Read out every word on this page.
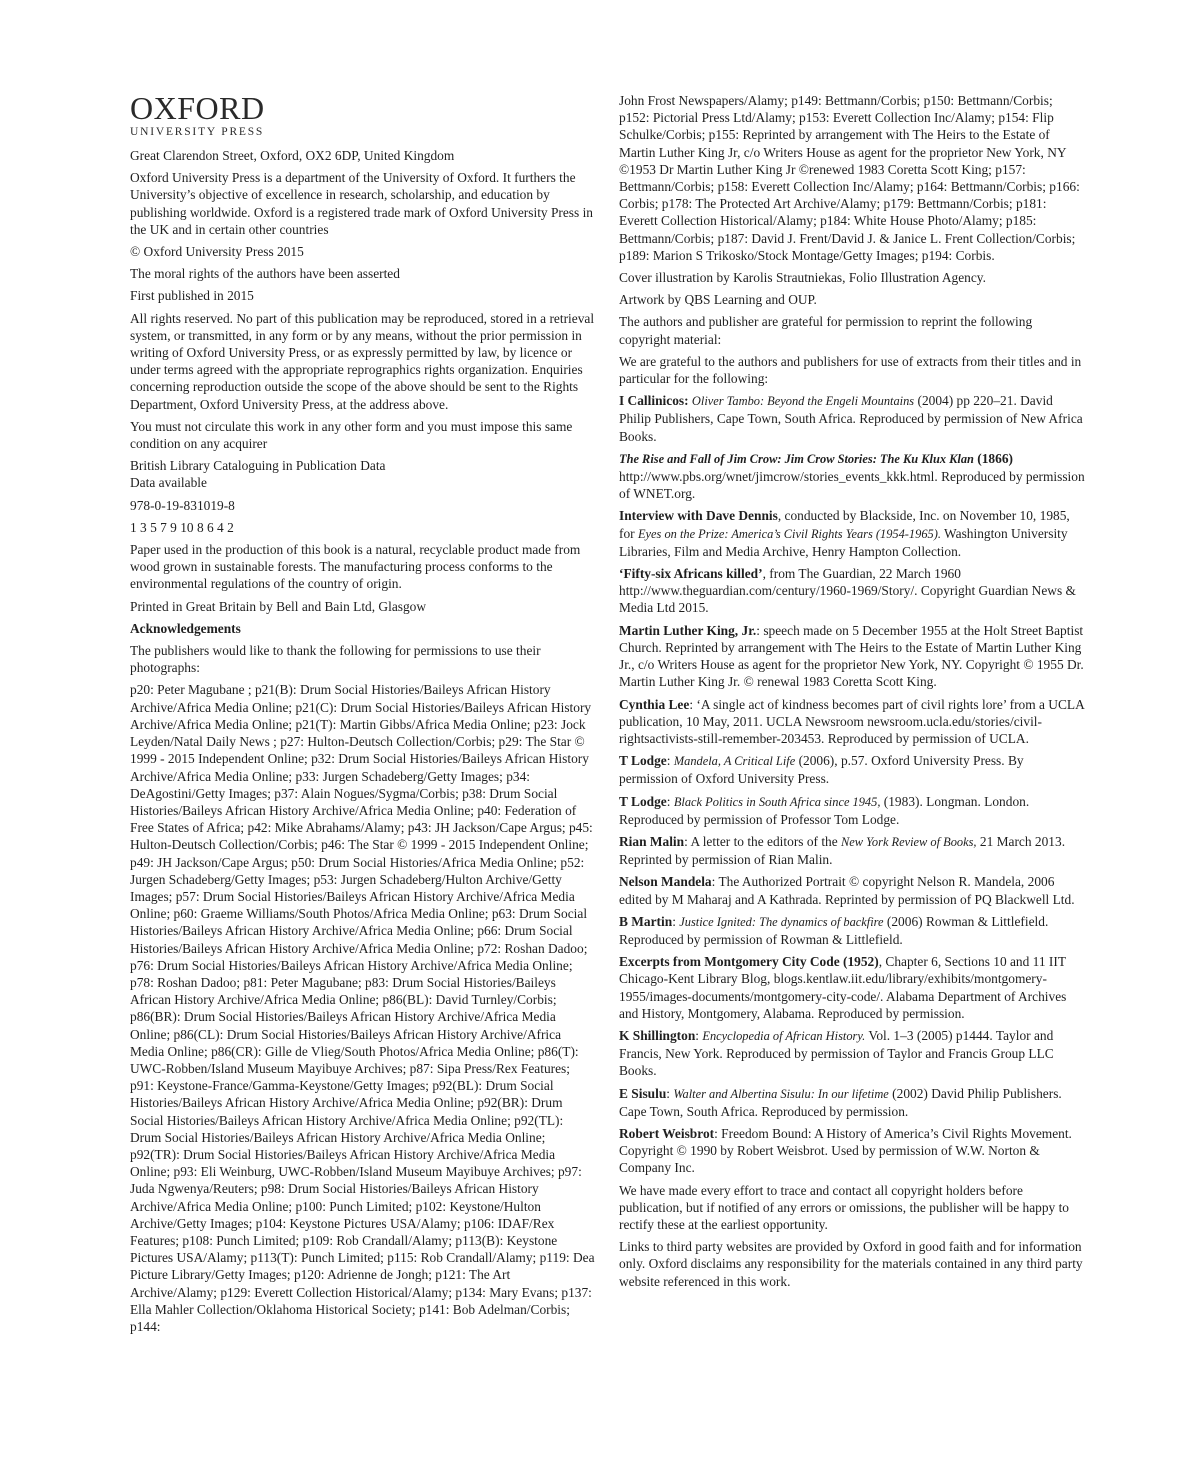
OXFORD
UNIVERSITY PRESS

Great Clarendon Street, Oxford, OX2 6DP, United Kingdom

Oxford University Press is a department of the University of Oxford. It furthers the University’s objective of excellence in research, scholarship, and education by publishing worldwide. Oxford is a registered trade mark of Oxford University Press in the UK and in certain other countries

© Oxford University Press 2015

The moral rights of the authors have been asserted

First published in 2015

All rights reserved. No part of this publication may be reproduced, stored in a retrieval system, or transmitted, in any form or by any means, without the prior permission in writing of Oxford University Press, or as expressly permitted by law, by licence or under terms agreed with the appropriate reprographics rights organization. Enquiries concerning reproduction outside the scope of the above should be sent to the Rights Department, Oxford University Press, at the address above.

You must not circulate this work in any other form and you must impose this same condition on any acquirer

British Library Cataloguing in Publication Data
Data available

978-0-19-831019-8

1 3 5 7 9 10 8 6 4 2

Paper used in the production of this book is a natural, recyclable product made from wood grown in sustainable forests. The manufacturing process conforms to the environmental regulations of the country of origin.

Printed in Great Britain by Bell and Bain Ltd, Glasgow

Acknowledgements

The publishers would like to thank the following for permissions to use their photographs:

p20: Peter Magubane ; p21(B): Drum Social Histories/Baileys African History Archive/Africa Media Online; p21(C): Drum Social Histories/Baileys African History Archive/Africa Media Online; p21(T): Martin Gibbs/Africa Media Online; p23: Jock Leyden/Natal Daily News ; p27: Hulton-Deutsch Collection/Corbis; p29: The Star © 1999 - 2015 Independent Online; p32: Drum Social Histories/Baileys African History Archive/Africa Media Online; p33: Jurgen Schadeberg/Getty Images; p34: DeAgostini/Getty Images; p37: Alain Nogues/Sygma/Corbis; p38: Drum Social Histories/Baileys African History Archive/Africa Media Online; p40: Federation of Free States of Africa; p42: Mike Abrahams/Alamy; p43: JH Jackson/Cape Argus; p45: Hulton-Deutsch Collection/Corbis; p46: The Star © 1999 - 2015 Independent Online; p49: JH Jackson/Cape Argus; p50: Drum Social Histories/Africa Media Online; p52: Jurgen Schadeberg/Getty Images; p53: Jurgen Schadeberg/Hulton Archive/Getty Images; p57: Drum Social Histories/Baileys African History Archive/Africa Media Online; p60: Graeme Williams/South Photos/Africa Media Online; p63: Drum Social Histories/Baileys African History Archive/Africa Media Online; p66: Drum Social Histories/Baileys African History Archive/Africa Media Online; p72: Roshan Dadoo; p76: Drum Social Histories/Baileys African History Archive/Africa Media Online; p78: Roshan Dadoo; p81: Peter Magubane; p83: Drum Social Histories/Baileys African History Archive/Africa Media Online; p86(BL): David Turnley/Corbis; p86(BR): Drum Social Histories/Baileys African History Archive/Africa Media Online; p86(CL): Drum Social Histories/Baileys African History Archive/Africa Media Online; p86(CR): Gille de Vlieg/South Photos/Africa Media Online; p86(T): UWC-Robben/Island Museum Mayibuye Archives; p87: Sipa Press/Rex Features; p91: Keystone-France/Gamma-Keystone/Getty Images; p92(BL): Drum Social Histories/Baileys African History Archive/Africa Media Online; p92(BR): Drum Social Histories/Baileys African History Archive/Africa Media Online; p92(TL): Drum Social Histories/Baileys African History Archive/Africa Media Online; p92(TR): Drum Social Histories/Baileys African History Archive/Africa Media Online; p93: Eli Weinburg, UWC-Robben/Island Museum Mayibuye Archives; p97: Juda Ngwenya/Reuters; p98: Drum Social Histories/Baileys African History Archive/Africa Media Online; p100: Punch Limited; p102: Keystone/Hulton Archive/Getty Images; p104: Keystone Pictures USA/Alamy; p106: IDAF/Rex Features; p108: Punch Limited; p109: Rob Crandall/Alamy; p113(B): Keystone Pictures USA/Alamy; p113(T): Punch Limited; p115: Rob Crandall/Alamy; p119: Dea Picture Library/Getty Images; p120: Adrienne de Jongh; p121: The Art Archive/Alamy; p129: Everett Collection Historical/Alamy; p134: Mary Evans; p137: Ella Mahler Collection/Oklahoma Historical Society; p141: Bob Adelman/Corbis; p144:

John Frost Newspapers/Alamy; p149: Bettmann/Corbis; p150: Bettmann/Corbis; p152: Pictorial Press Ltd/Alamy; p153: Everett Collection Inc/Alamy; p154: Flip Schulke/Corbis; p155: Reprinted by arrangement with The Heirs to the Estate of Martin Luther King Jr, c/o Writers House as agent for the proprietor New York, NY ©1953 Dr Martin Luther King Jr ©renewed 1983 Coretta Scott King; p157: Bettmann/Corbis; p158: Everett Collection Inc/Alamy; p164: Bettmann/Corbis; p166: Corbis; p178: The Protected Art Archive/Alamy; p179: Bettmann/Corbis; p181: Everett Collection Historical/Alamy; p184: White House Photo/Alamy; p185: Bettmann/Corbis; p187: David J. Frent/David J. & Janice L. Frent Collection/Corbis; p189: Marion S Trikosko/Stock Montage/Getty Images; p194: Corbis.

Cover illustration by Karolis Strautniekas, Folio Illustration Agency.

Artwork by QBS Learning and OUP.

The authors and publisher are grateful for permission to reprint the following copyright material:

We are grateful to the authors and publishers for use of extracts from their titles and in particular for the following:

I Callinicos: Oliver Tambo: Beyond the Engeli Mountains (2004) pp 220–21. David Philip Publishers, Cape Town, South Africa. Reproduced by permission of New Africa Books.

The Rise and Fall of Jim Crow: Jim Crow Stories: The Ku Klux Klan (1866) http://www.pbs.org/wnet/jimcrow/stories_events_kkk.html. Reproduced by permission of WNET.org.

Interview with Dave Dennis, conducted by Blackside, Inc. on November 10, 1985, for Eyes on the Prize: America’s Civil Rights Years (1954-1965). Washington University Libraries, Film and Media Archive, Henry Hampton Collection.

‘Fifty-six Africans killed’, from The Guardian, 22 March 1960 http://www.theguardian.com/century/1960-1969/Story/. Copyright Guardian News & Media Ltd 2015.

Martin Luther King, Jr.: speech made on 5 December 1955 at the Holt Street Baptist Church. Reprinted by arrangement with The Heirs to the Estate of Martin Luther King Jr., c/o Writers House as agent for the proprietor New York, NY. Copyright © 1955 Dr. Martin Luther King Jr. © renewal 1983 Coretta Scott King.

Cynthia Lee: ‘A single act of kindness becomes part of civil rights lore’ from a UCLA publication, 10 May, 2011. UCLA Newsroom newsroom.ucla.edu/stories/civil-rightsactivists-still-remember-203453. Reproduced by permission of UCLA.

T Lodge: Mandela, A Critical Life (2006), p.57. Oxford University Press. By permission of Oxford University Press.

T Lodge: Black Politics in South Africa since 1945, (1983). Longman. London. Reproduced by permission of Professor Tom Lodge.

Rian Malin: A letter to the editors of the New York Review of Books, 21 March 2013. Reprinted by permission of Rian Malin.

Nelson Mandela: The Authorized Portrait © copyright Nelson R. Mandela, 2006 edited by M Maharaj and A Kathrada. Reprinted by permission of PQ Blackwell Ltd.

B Martin: Justice Ignited: The dynamics of backfire (2006) Rowman & Littlefield. Reproduced by permission of Rowman & Littlefield.

Excerpts from Montgomery City Code (1952), Chapter 6, Sections 10 and 11 IIT Chicago-Kent Library Blog, blogs.kentlaw.iit.edu/library/exhibits/montgomery-1955/images-documents/montgomery-city-code/. Alabama Department of Archives and History, Montgomery, Alabama. Reproduced by permission.

K Shillington: Encyclopedia of African History. Vol. 1–3 (2005) p1444. Taylor and Francis, New York. Reproduced by permission of Taylor and Francis Group LLC Books.

E Sisulu: Walter and Albertina Sisulu: In our lifetime (2002) David Philip Publishers. Cape Town, South Africa. Reproduced by permission.

Robert Weisbrot: Freedom Bound: A History of America’s Civil Rights Movement. Copyright © 1990 by Robert Weisbrot. Used by permission of W.W. Norton & Company Inc.

We have made every effort to trace and contact all copyright holders before publication, but if notified of any errors or omissions, the publisher will be happy to rectify these at the earliest opportunity.

Links to third party websites are provided by Oxford in good faith and for information only. Oxford disclaims any responsibility for the materials contained in any third party website referenced in this work.
